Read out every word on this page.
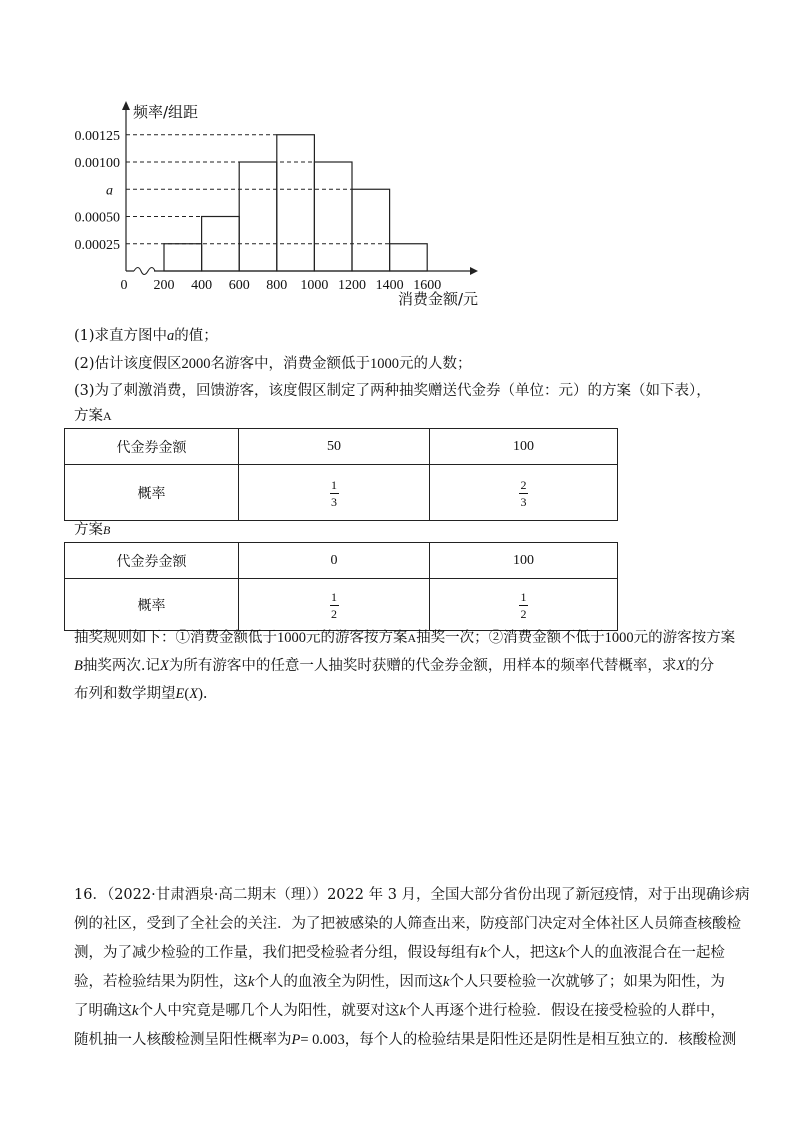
0.00125
0.00100
a
0.00050
0.00025
0 200 400 600 800 1000 1200 1400 1600
频率/组距
消费金额/元
(1)求直方图中a的值；
(2)估计该度假区2000名游客中，消费金额低于1000元的人数；
(3)为了刺激消费，回馈游客，该度假区制定了两种抽奖赠送代金券（单位：元）的方案（如下表），
方案A
代金券金额	50	100
概率	$\frac{1}{3}$	$\frac{2}{3}$
方案B
代金券金额	0	100
概率	$\frac{1}{2}$	$\frac{1}{2}$
抽奖规则如下：①消费金额低于1000元的游客按方案A抽奖一次；②消费金额不低于1000元的游客按方案
B抽奖两次.记X为所有游客中的任意一人抽奖时获赠的代金券金额，用样本的频率代替概率，求X的分
布列和数学期望E(X).
16．（2022·甘肃酒泉·高二期末（理））2022 年 3 月，全国大部分省份出现了新冠疫情，对于出现确诊病
例的社区，受到了全社会的关注．为了把被感染的人筛查出来，防疫部门决定对全体社区人员筛查核酸检
测，为了减少检验的工作量，我们把受检验者分组，假设每组有k个人，把这k个人的血液混合在一起检
验，若检验结果为阴性，这k个人的血液全为阴性，因而这k个人只要检验一次就够了；如果为阳性，为
了明确这k个人中究竟是哪几个人为阳性，就要对这k个人再逐个进行检验．假设在接受检验的人群中，
随机抽一人核酸检测呈阳性概率为P= 0.003，每个人的检验结果是阳性还是阴性是相互独立的．核酸检测
